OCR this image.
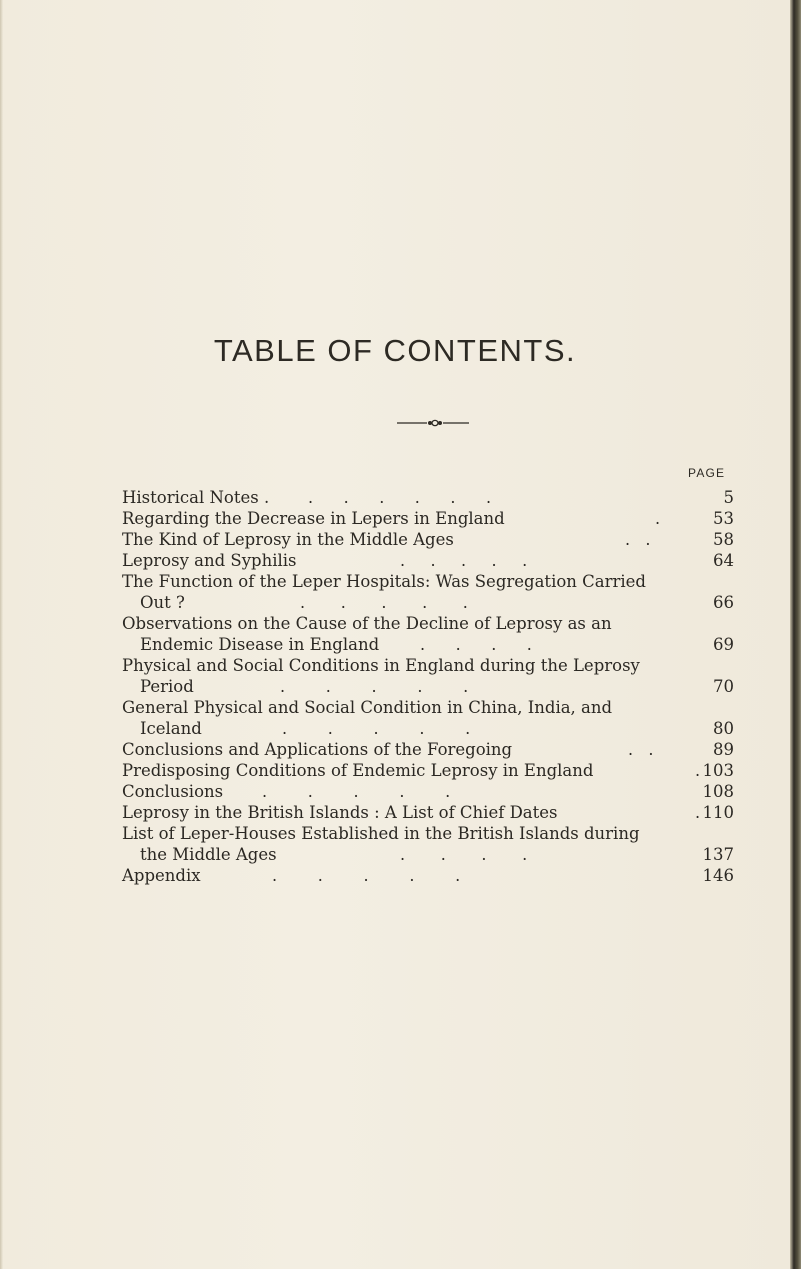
TABLE OF CONTENTS.
PAGE
Historical Notes . .      .      .      .      .      .	5
Regarding the Decrease in Lepers in England	.	53
The Kind of Leprosy in the Middle Ages	.   .	58
Leprosy and Syphilis	.     .     .     .     .	64
The Function of the Leper Hospitals: Was Segregation Carried
Out ?	.       .       .       .       .	66
Observations on the Cause of the Decline of Leprosy as an
Endemic Disease in England	.      .      .      .	69
Physical and Social Conditions in England during the Leprosy
Period	.        .        .        .        .	70
General Physical and Social Condition in China, India, and
Iceland	.        .        .        .        .	80
Conclusions and Applications of the Foregoing	.   .	89
Predisposing Conditions of Endemic Leprosy in England	. 103
Conclusions .        .        .        .        .	108
Leprosy in the British Islands : A List of Chief Dates	. 110
List of Leper-Houses Established in the British Islands during
the Middle Ages	.       .       .       .	137
Appendix	.        .        .        .        .	146
